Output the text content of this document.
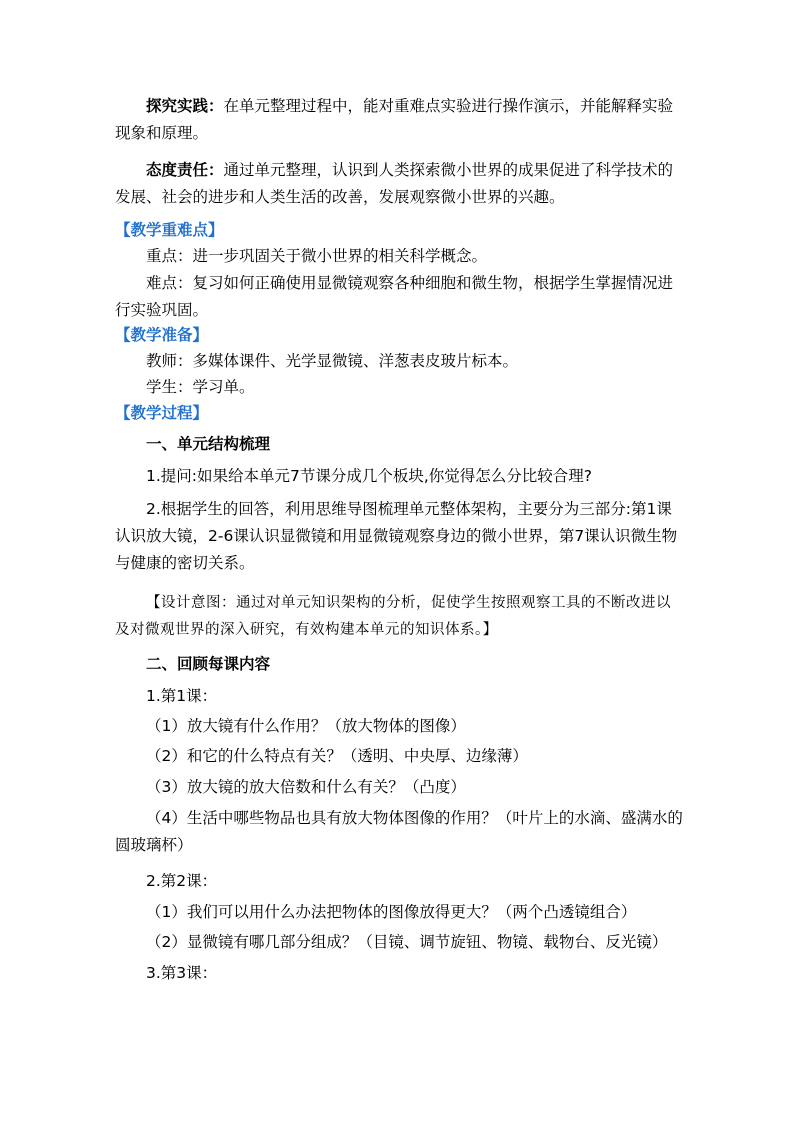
探究实践：在单元整理过程中，能对重难点实验进行操作演示，并能解释实验现象和原理。

态度责任：通过单元整理，认识到人类探索微小世界的成果促进了科学技术的发展、社会的进步和人类生活的改善，发展观察微小世界的兴趣。

【教学重难点】

重点：进一步巩固关于微小世界的相关科学概念。

难点：复习如何正确使用显微镜观察各种细胞和微生物，根据学生掌握情况进行实验巩固。

【教学准备】

教师：多媒体课件、光学显微镜、洋葱表皮玻片标本。

学生：学习单。

【教学过程】

一、单元结构梳理

1.提问:如果给本单元7节课分成几个板块,你觉得怎么分比较合理?

2.根据学生的回答，利用思维导图梳理单元整体架构，主要分为三部分:第1课认识放大镜，2-6课认识显微镜和用显微镜观察身边的微小世界，第7课认识微生物与健康的密切关系。

【设计意图：通过对单元知识架构的分析，促使学生按照观察工具的不断改进以及对微观世界的深入研究，有效构建本单元的知识体系。】

二、回顾每课内容

1.第1课：

（1）放大镜有什么作用？（放大物体的图像）

（2）和它的什么特点有关？（透明、中央厚、边缘薄）

（3）放大镜的放大倍数和什么有关？（凸度）

（4）生活中哪些物品也具有放大物体图像的作用？（叶片上的水滴、盛满水的圆玻璃杯）

2.第2课：

（1）我们可以用什么办法把物体的图像放得更大？（两个凸透镜组合）

（2）显微镜有哪几部分组成？（目镜、调节旋钮、物镜、载物台、反光镜）

3.第3课：
